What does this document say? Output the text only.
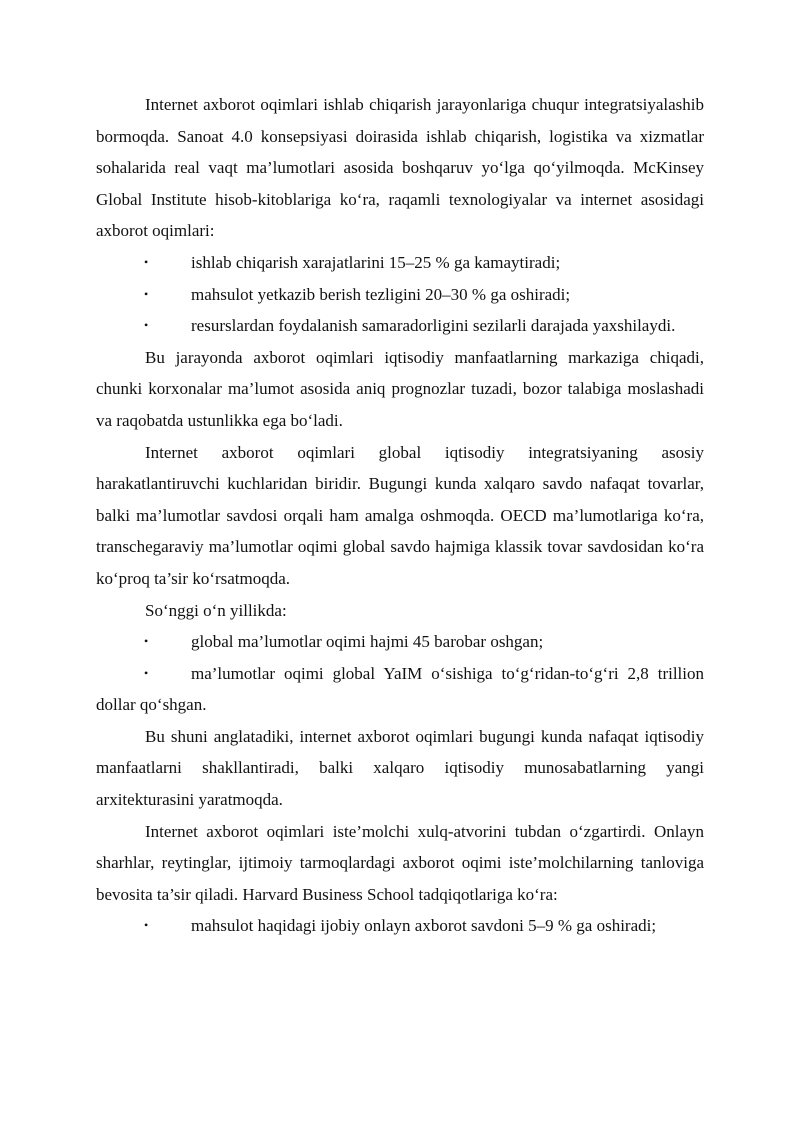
Internet axborot oqimlari ishlab chiqarish jarayonlariga chuqur integratsiyalashib bormoqda. Sanoat 4.0 konsepsiyasi doirasida ishlab chiqarish, logistika va xizmatlar sohalarida real vaqt ma’lumotlari asosida boshqaruv yo‘lga qo‘yilmoqda. McKinsey Global Institute hisob-kitoblariga ko‘ra, raqamli texnologiyalar va internet asosidagi axborot oqimlari:

•	ishlab chiqarish xarajatlarini 15–25 % ga kamaytiradi;

•	mahsulot yetkazib berish tezligini 20–30 % ga oshiradi;

•	resurslardan foydalanish samaradorligini sezilarli darajada yaxshilaydi.

Bu jarayonda axborot oqimlari iqtisodiy manfaatlarning markaziga chiqadi, chunki korxonalar ma’lumot asosida aniq prognozlar tuzadi, bozor talabiga moslashadi va raqobatda ustunlikka ega bo‘ladi.

Internet axborot oqimlari global iqtisodiy integratsiyaning asosiy harakatlantiruvchi kuchlaridan biridir. Bugungi kunda xalqaro savdo nafaqat tovarlar, balki ma’lumotlar savdosi orqali ham amalga oshmoqda. OECD ma’lumotlariga ko‘ra, transchegaraviy ma’lumotlar oqimi global savdo hajmiga klassik tovar savdosidan ko‘ra ko‘proq ta’sir ko‘rsatmoqda.

So‘nggi o‘n yillikda:

•	global ma’lumotlar oqimi hajmi 45 barobar oshgan;

•	ma’lumotlar oqimi global YaIM o‘sishiga to‘g‘ridan-to‘g‘ri 2,8 trillion dollar qo‘shgan.

Bu shuni anglatadiki, internet axborot oqimlari bugungi kunda nafaqat iqtisodiy manfaatlarni shakllantiradi, balki xalqaro iqtisodiy munosabatlarning yangi arxitekturasini yaratmoqda.

Internet axborot oqimlari iste’molchi xulq-atvorini tubdan o‘zgartirdi. Onlayn sharhlar, reytinglar, ijtimoiy tarmoqlardagi axborot oqimi iste’molchilarning tanloviga bevosita ta’sir qiladi. Harvard Business School tadqiqotlariga ko‘ra:

•	mahsulot haqidagi ijobiy onlayn axborot savdoni 5–9 % ga oshiradi;
